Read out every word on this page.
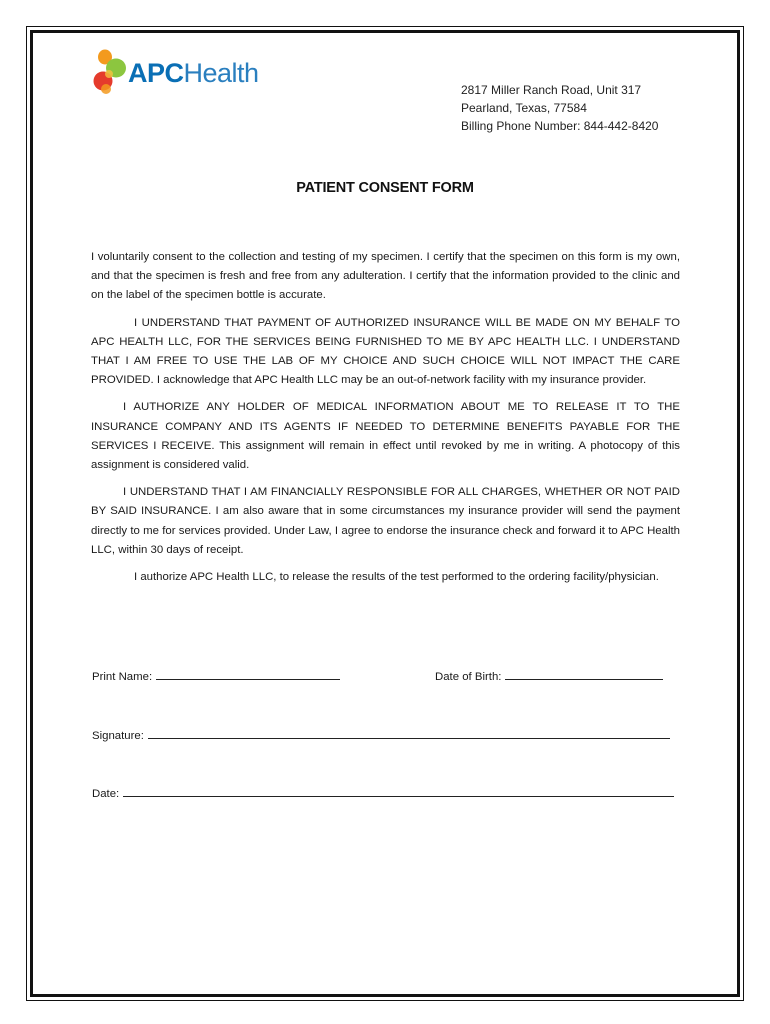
APCHealth
2817 Miller Ranch Road, Unit 317
Pearland, Texas, 77584
Billing Phone Number: 844-442-8420
PATIENT CONSENT FORM

I voluntarily consent to the collection and testing of my specimen. I certify that the specimen on this form is my own, and that the specimen is fresh and free from any adulteration. I certify that the information provided to the clinic and on the label of the specimen bottle is accurate.

I UNDERSTAND THAT PAYMENT OF AUTHORIZED INSURANCE WILL BE MADE ON MY BEHALF TO APC HEALTH LLC, FOR THE SERVICES BEING FURNISHED TO ME BY APC HEALTH LLC. I UNDERSTAND THAT I AM FREE TO USE THE LAB OF MY CHOICE AND SUCH CHOICE WILL NOT IMPACT THE CARE PROVIDED. I acknowledge that APC Health LLC may be an out-of-network facility with my insurance provider.

I AUTHORIZE ANY HOLDER OF MEDICAL INFORMATION ABOUT ME TO RELEASE IT TO THE INSURANCE COMPANY AND ITS AGENTS IF NEEDED TO DETERMINE BENEFITS PAYABLE FOR THE SERVICES I RECEIVE. This assignment will remain in effect until revoked by me in writing. A photocopy of this assignment is considered valid.

I UNDERSTAND THAT I AM FINANCIALLY RESPONSIBLE FOR ALL CHARGES, WHETHER OR NOT PAID BY SAID INSURANCE. I am also aware that in some circumstances my insurance provider will send the payment directly to me for services provided. Under Law, I agree to endorse the insurance check and forward it to APC Health LLC, within 30 days of receipt.

I authorize APC Health LLC, to release the results of the test performed to the ordering facility/physician.

Print Name:	Date of Birth:
Signature:
Date:
